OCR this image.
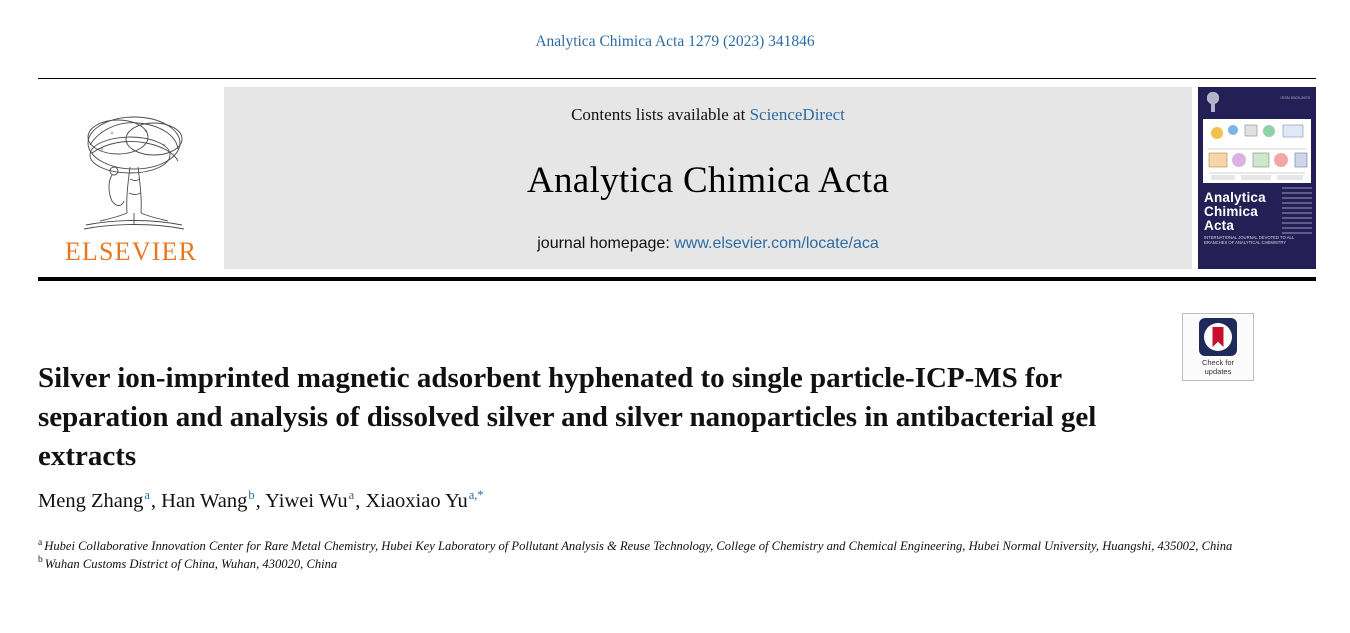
Analytica Chimica Acta 1279 (2023) 341846
ELSEVIER
Contents lists available at ScienceDirect
Analytica Chimica Acta
journal homepage: www.elsevier.com/locate/aca
ISSN 0003-2670
Analytica
Chimica
Acta
INTERNATIONAL JOURNAL DEVOTED TO ALL BRANCHES OF ANALYTICAL CHEMISTRY
Check for
updates
Silver ion-imprinted magnetic adsorbent hyphenated to single particle-ICP-MS for separation and analysis of dissolved silver and silver nanoparticles in antibacterial gel extracts
Meng Zhang$^a$, Han Wang$^b$, Yiwei Wu$^a$, Xiaoxiao $Yu^{a,*}$
$^a$ Hubei Collaborative Innovation Center for Rare Metal Chemistry, Hubei Key Laboratory of Pollutant Analysis & Reuse Technology, College of Chemistry and Chemical Engineering, Hubei Normal University, Huangshi, 435002, China
$^b$ Wuhan Customs District of China, Wuhan, 430020, China
